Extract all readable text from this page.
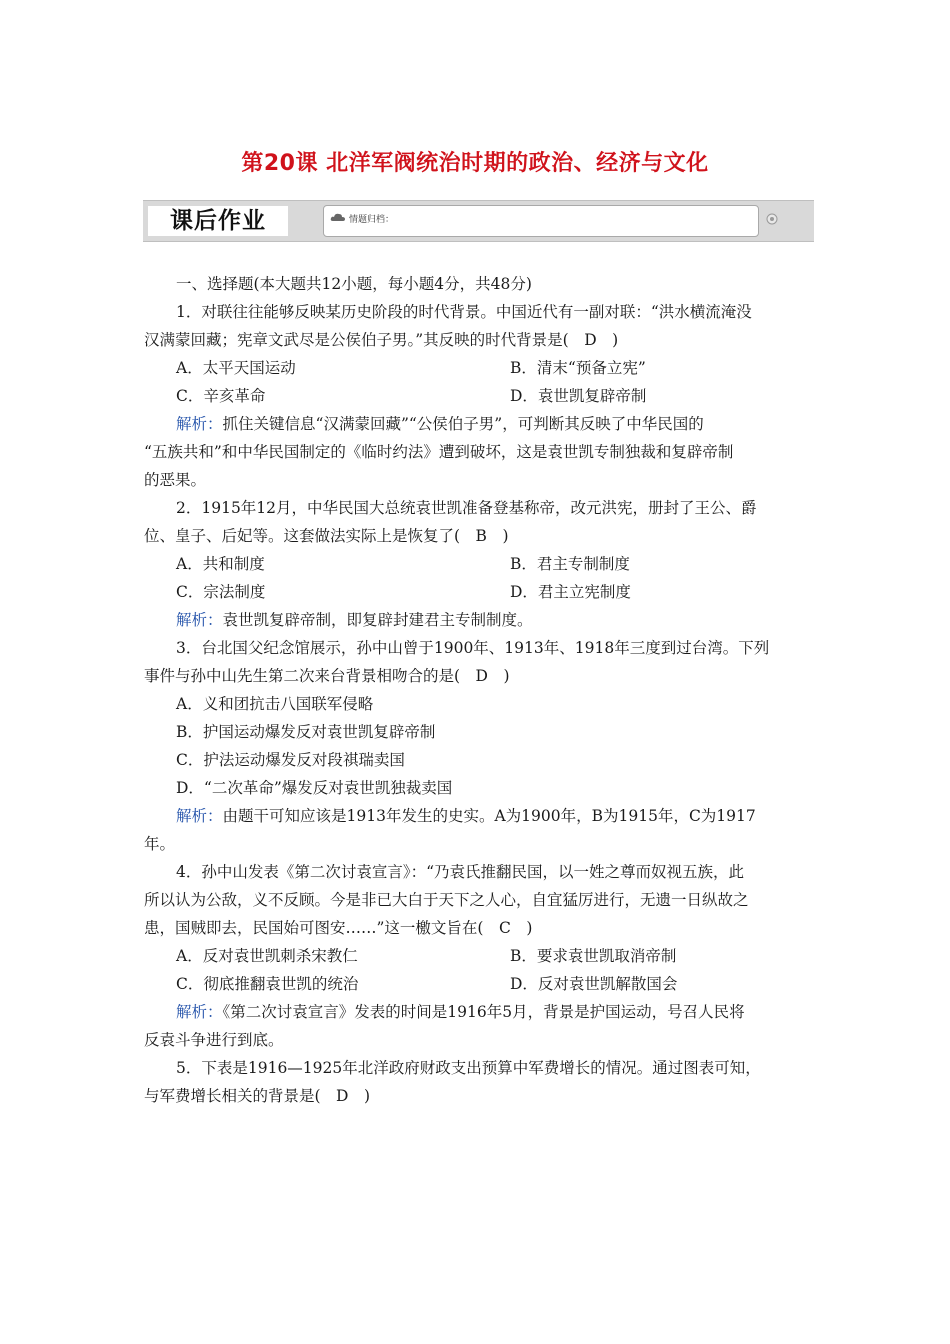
第20课 北洋军阀统治时期的政治、经济与文化
课后作业	情题归档：
一、选择题(本大题共12小题，每小题4分，共48分)
1．对联往往能够反映某历史阶段的时代背景。中国近代有一副对联：“洪水横流淹没
汉满蒙回藏；宪章文武尽是公侯伯子男。”其反映的时代背景是(　D　)
A．太平天国运动	B．清末“预备立宪”
C．辛亥革命	D．袁世凯复辟帝制
解析：抓住关键信息“汉满蒙回藏”“公侯伯子男”，可判断其反映了中华民国的
“五族共和”和中华民国制定的《临时约法》遭到破坏，这是袁世凯专制独裁和复辟帝制
的恶果。
2．1915年12月，中华民国大总统袁世凯准备登基称帝，改元洪宪，册封了王公、爵
位、皇子、后妃等。这套做法实际上是恢复了(　B　)
A．共和制度	B．君主专制制度
C．宗法制度	D．君主立宪制度
解析：袁世凯复辟帝制，即复辟封建君主专制制度。
3．台北国父纪念馆展示，孙中山曾于1900年、1913年、1918年三度到过台湾。下列
事件与孙中山先生第二次来台背景相吻合的是(　D　)
A．义和团抗击八国联军侵略
B．护国运动爆发反对袁世凯复辟帝制
C．护法运动爆发反对段祺瑞卖国
D．“二次革命”爆发反对袁世凯独裁卖国
解析：由题干可知应该是1913年发生的史实。A为1900年，B为1915年，C为1917
年。
4．孙中山发表《第二次讨袁宣言》：“乃袁氏推翻民国，以一姓之尊而奴视五族，此
所以认为公敌，义不反顾。今是非已大白于天下之人心，自宜猛厉进行，无遗一日纵故之
患，国贼即去，民国始可图安……”这一檄文旨在(　C　)
A．反对袁世凯刺杀宋教仁	B．要求袁世凯取消帝制
C．彻底推翻袁世凯的统治	D．反对袁世凯解散国会
解析：《第二次讨袁宣言》发表的时间是1916年5月，背景是护国运动，号召人民将
反袁斗争进行到底。
5．下表是1916—1925年北洋政府财政支出预算中军费增长的情况。通过图表可知，
与军费增长相关的背景是(　D　)
